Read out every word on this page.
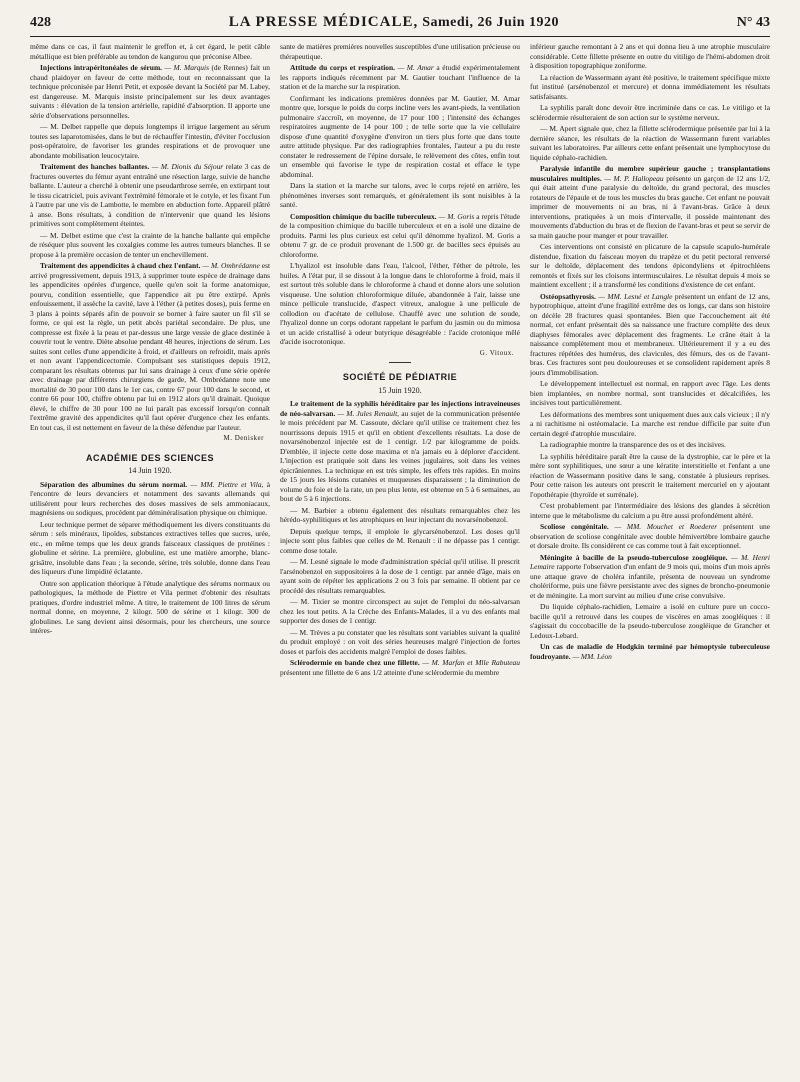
428	LA PRESSE MÉDICALE, Samedi, 26 Juin 1920	N° 43

même dans ce cas, il faut maintenir le greffon et, à cet égard, le petit câble métallique est bien préférable au tendon de kangurou que préconise Albee.

Injections intrapéritonéales de sérum. — M. Marquis (de Rennes) fait un chaud plaidoyer en faveur de cette méthode, tout en reconnaissant que la technique préconisée par Henri Petit, et exposée devant la Société par M. Labey, est dangereuse. M. Marquis insiste principalement sur les deux avantages suivants : élévation de la tension artérielle, rapidité d'absorption. Il apporte une série d'observations personnelles.

— M. Delbet rappelle que depuis longtemps il irrigue largement au sérum toutes ses laparotomisées, dans le but de réchauffer l'intestin, d'éviter l'occlusion post-opératoire, de favoriser les grandes respirations et de provoquer une abondante mobilisation leucocytaire.

Traitement des hanches ballantes. — M. Dionis du Séjour relate 3 cas de fractures ouvertes du fémur ayant entraîné une résection large, suivie de hanche ballante. L'auteur a cherché à obtenir une pseudarthrose serrée, en extirpant tout le tissu cicatriciel, puis avivant l'extrémité fémorale et le cotyle, et les fixant l'un à l'autre par une vis de Lambotte, le membre en abduction forte. Appareil plâtré à anse. Bons résultats, à condition de n'intervenir que quand les lésions primitives sont complètement éteintes.

— M. Delbet estime que c'est la crainte de la hanche ballante qui empêche de réséquer plus souvent les coxalgies comme les autres tumeurs blanches. Il se propose à la première occasion de tenter un enchevillement.

Traitement des appendicites à chaud chez l'enfant. — M. Ombrédanne est arrivé progressivement, depuis 1913, à supprimer toute espèce de drainage dans les appendicites opérées d'urgence, quelle qu'en soit la forme anatomique, pourvu, condition essentielle, que l'appendice ait pu être extirpé. Après enfouissement, il assèche la cavité, lave à l'éther (à petites doses), puis ferme en 3 plans à points séparés afin de pouvoir se borner à faire sauter un fil s'il se forme, ce qui est la règle, un petit abcès pariétal secondaire. De plus, une compresse est fixée à la peau et par-dessus une large vessie de glace destinée à couvrir tout le ventre. Diète absolue pendant 48 heures, injections de sérum. Les suites sont celles d'une appendicite à froid, et d'ailleurs on refroidit, mais après et non avant l'appendicectomie. Compulsant ses statistiques depuis 1912, comparant les résultats obtenus par lui sans drainage à ceux d'une série opérée avec drainage par différents chirurgiens de garde, M. Ombrédanne note une mortalité de 30 pour 100 dans le 1er cas, contre 67 pour 100 dans le second, et contre 66 pour 100, chiffre obtenu par lui en 1912 alors qu'il drainait. Quoique élevé, le chiffre de 30 pour 100 ne lui paraît pas excessif lorsqu'on connaît l'extrême gravité des appendicites qu'il faut opérer d'urgence chez les enfants. En tout cas, il est nettement en faveur de la thèse défendue par l'auteur.

M. Denisker
ACADÉMIE DES SCIENCES
14 Juin 1920.

Séparation des albumines du sérum normal. — MM. Piettre et Vila, à l'encontre de leurs devanciers et notamment des savants allemands qui utilisèrent pour leurs recherches des doses massives de sels ammoniacaux, magnésiens ou sodiques, procèdent par déminéralisation physique ou chimique.

Leur technique permet de séparer méthodiquement les divers constituants du sérum : sels minéraux, lipoïdes, substances extractives telles que sucres, urée, etc., en même temps que les deux grands faisceaux classiques de protéines : globuline et sérine. La première, globuline, est une matière amorphe, blanc-grisâtre, insoluble dans l'eau ; la seconde, sérine, très soluble, donne dans l'eau des liqueurs d'une limpidité éclatante.

Outre son application théorique à l'étude analytique des sérums normaux ou pathologiques, la méthode de Piettre et Vila permet d'obtenir des résultats pratiques, d'ordre industriel même. A titre, le traitement de 100 litres de sérum normal donne, en moyenne, 2 kilogr. 500 de sérine et 1 kilogr. 300 de globulines. Le sang devient ainsi désormais, pour les chercheurs, une source intéres-

sante de matières premières nouvelles susceptibles d'une utilisation précieuse ou thérapeutique.

Attitude du corps et respiration. — M. Amar a étudié expérimentalement les rapports indiqués récemment par M. Gautier touchant l'influence de la station et de la marche sur la respiration.

Confirmant les indications premières données par M. Gautier, M. Amar montre que, lorsque le poids du corps incline vers les avant-pieds, la ventilation pulmonaire s'accroît, en moyenne, de 17 pour 100 ; l'intensité des échanges respiratoires augmente de 14 pour 100 ; de telle sorte que la vie cellulaire dispose d'une quantité d'oxygène d'environ un tiers plus forte que dans toute autre attitude physique. Par des radiographies frontales, l'auteur a pu du reste constater le redressement de l'épine dorsale, le relèvement des côtes, enfin tout un ensemble qui favorise le type de respiration costal et efface le type abdominal.

Dans la station et la marche sur talons, avec le corps rejeté en arrière, les phénomènes inverses sont remarqués, et généralement ils sont nuisibles à la santé.

Composition chimique du bacille tuberculeux. — M. Goris a repris l'étude de la composition chimique du bacille tuberculeux et en a isolé une dizaine de produits. Parmi les plus curieux est celui qu'il dénomme hyalizol. M. Goris a obtenu 7 gr. de ce produit provenant de 1.500 gr. de bacilles secs épuisés au chloroforme.

L'hyalizol est insoluble dans l'eau, l'alcool, l'éther, l'éther de pétrole, les huiles. A l'état pur, il se dissout à la longue dans le chloroforme à froid, mais il est surtout très soluble dans le chloroforme à chaud et donne alors une solution visqueuse. Une solution chloroformique diluée, abandonnée à l'air, laisse une mince pellicule translucide, d'aspect vitreux, analogue à une pellicule de collodion ou d'acétate de cellulose. Chauffé avec une solution de soude, l'hyalizol donne un corps odorant rappelant le parfum du jasmin ou du mimosa et un acide cristallisé à odeur butyrique désagréable : l'acide crotonique mêlé d'acide isocrotonique.

G. Vitoux.
SOCIÉTÉ DE PÉDIATRIE
15 Juin 1920.

Le traitement de la syphilis héréditaire par les injections intraveineuses de néo-salvarsan. — M. Jules Renault, au sujet de la communication présentée le mois précédent par M. Cassoute, déclare qu'il utilise ce traitement chez les nourrissons depuis 1915 et qu'il en obtient d'excellents résultats. La dose de novarsénobenzol injectée est de 1 centigr. 1/2 par kilogramme de poids. D'emblée, il injecte cette dose maxima et n'a jamais eu à déplorer d'accident. L'injection est pratiquée soit dans les veines jugulaires, soit dans les veines épicrâniennes. La technique en est très simple, les effets très rapides. En moins de 15 jours les lésions cutanées et muqueuses disparaissent ; la diminution de volume du foie et de la rate, un peu plus lente, est obtenue en 5 à 6 semaines, au bout de 5 à 6 injections.

— M. Barbier a obtenu également des résultats remarquables chez les hérédo-syphilitiques et les atrophiques en leur injectant du novarsénobenzol.

Depuis quelque temps, il emploie le glycarsénobenzol. Les doses qu'il injecte sont plus faibles que celles de M. Renault : il ne dépasse pas 1 centigr. comme dose totale.

— M. Lesné signale le mode d'administration spécial qu'il utilise. Il prescrit l'arsénobenzol en suppositoires à la dose de 1 centigr. par année d'âge, mais en ayant soin de répéter les applications 2 ou 3 fois par semaine. Il obtient par ce procédé des résultats remarquables.

— M. Tixier se montre circonspect au sujet de l'emploi du néo-salvarsan chez les tout petits. A la Crèche des Enfants-Malades, il a vu des enfants mal supporter des doses de 1 centigr.

— M. Trèves a pu constater que les résultats sont variables suivant la qualité du produit employé : on voit des séries heureuses malgré l'injection de fortes doses et parfois des accidents malgré l'emploi de doses faibles.

Sclérodermie en bande chez une fillette. — M. Marfan et Mlle Rabuteau présentent une fillette de 6 ans 1/2 atteinte d'une sclérodermie du membre

inférieur gauche remontant à 2 ans et qui donna lieu à une atrophie musculaire considérable. Cette fillette présente en outre du vitiligo de l'hémi-abdomen droit à disposition topographique zoniforme.

La réaction de Wassermann ayant été positive, le traitement spécifique mixte fut institué (arsénobenzol et mercure) et donna immédiatement les résultats satisfaisants.

La syphilis paraît donc devoir être incriminée dans ce cas. Le vitiligo et la sclérodermie résulteraient de son action sur le système nerveux.

— M. Apert signale que, chez la fillette sclérodermique présentée par lui à la dernière séance, les résultats de la réaction de Wassermann furent variables suivant les laboratoires. Par ailleurs cette enfant présentait une lymphocytose du liquide céphalo-rachidien.

Paralysie infantile du membre supérieur gauche ; transplantations musculaires multiples. — M. P. Hallopeau présente un garçon de 12 ans 1/2, qui était atteint d'une paralysie du deltoïde, du grand pectoral, des muscles rotateurs de l'épaule et de tous les muscles du bras gauche. Cet enfant ne pouvait imprimer de mouvements ni au bras, ni à l'avant-bras. Grâce à deux interventions, pratiquées à un mois d'intervalle, il possède maintenant des mouvements d'abduction du bras et de flexion de l'avant-bras et peut se servir de sa main gauche pour manger et pour travailler.

Ces interventions ont consisté en plicature de la capsule scapulo-humérale distendue, fixation du faisceau moyen du trapèze et du petit pectoral renversé sur le deltoïde, déplacement des tendons épicondyliens et épitrochléens remontés et fixés sur les cloisons intermusculaires. Le résultat depuis 4 mois se maintient excellent ; il a transformé les conditions d'existence de cet enfant.

Ostéopsathyrosis. — MM. Lesné et Langle présentent un enfant de 12 ans, hypotrophique, atteint d'une fragilité extrême des os longs, car dans son histoire on décèle 28 fractures quasi spontanées. Bien que l'accouchement ait été normal, cet enfant présentait dès sa naissance une fracture complète des deux diaphyses fémorales avec déplacement des fragments. Le crâne était à la naissance complètement mou et membraneux. Ultérieurement il y a eu des fractures répétées des humérus, des clavicules, des fémurs, des os de l'avant-bras. Ces fractures sont peu douloureuses et se consolident rapidement après 8 jours d'immobilisation.

Le développement intellectuel est normal, en rapport avec l'âge. Les dents bien implantées, en nombre normal, sont translucides et décalcifiées, les incisives tout particulièrement.

Les déformations des membres sont uniquement dues aux cals vicieux ; il n'y a ni rachitisme ni ostéomalacie. La marche est rendue difficile par suite d'un certain degré d'atrophie musculaire.

La radiographie montre la transparence des os et des incisives.

La syphilis héréditaire paraît être la cause de la dystrophie, car le père et la mère sont syphilitiques, une sœur a une kératite interstitielle et l'enfant a une réaction de Wassermann positive dans le sang, constatée à plusieurs reprises. Pour cette raison les auteurs ont prescrit le traitement mercuriel en y ajoutant l'opothérapie (thyroïde et surrénale).

C'est probablement par l'intermédiaire des lésions des glandes à sécrétion interne que le métabolisme du calcium a pu être aussi profondément altéré.

Scoliose congénitale. — MM. Mouchet et Roederer présentent une observation de scoliose congénitale avec double hémivertèbre lombaire gauche et dorsale droite. Ils considèrent ce cas comme tout à fait exceptionnel.

Méningite à bacille de la pseudo-tuberculose zoogléique. — M. Henri Lemaire rapporte l'observation d'un enfant de 9 mois qui, moins d'un mois après une attaque grave de choléra infantile, présenta de nouveau un syndrome cholériforme, puis une fièvre persistante avec des signes de broncho-pneumonie et de méningite. La mort survint au milieu d'une crise convulsive.

Du liquide céphalo-rachidien, Lemaire a isolé en culture pure un cocco-bacille qu'il a retrouvé dans les coupes de viscères en amas zoogléiques : il s'agissait du coccobacille de la pseudo-tuberculose zoogléique de Grancher et Ledoux-Lebard.

Un cas de maladie de Hodgkin terminé par hémoptysie tuberculeuse foudroyante. — MM. Léon
